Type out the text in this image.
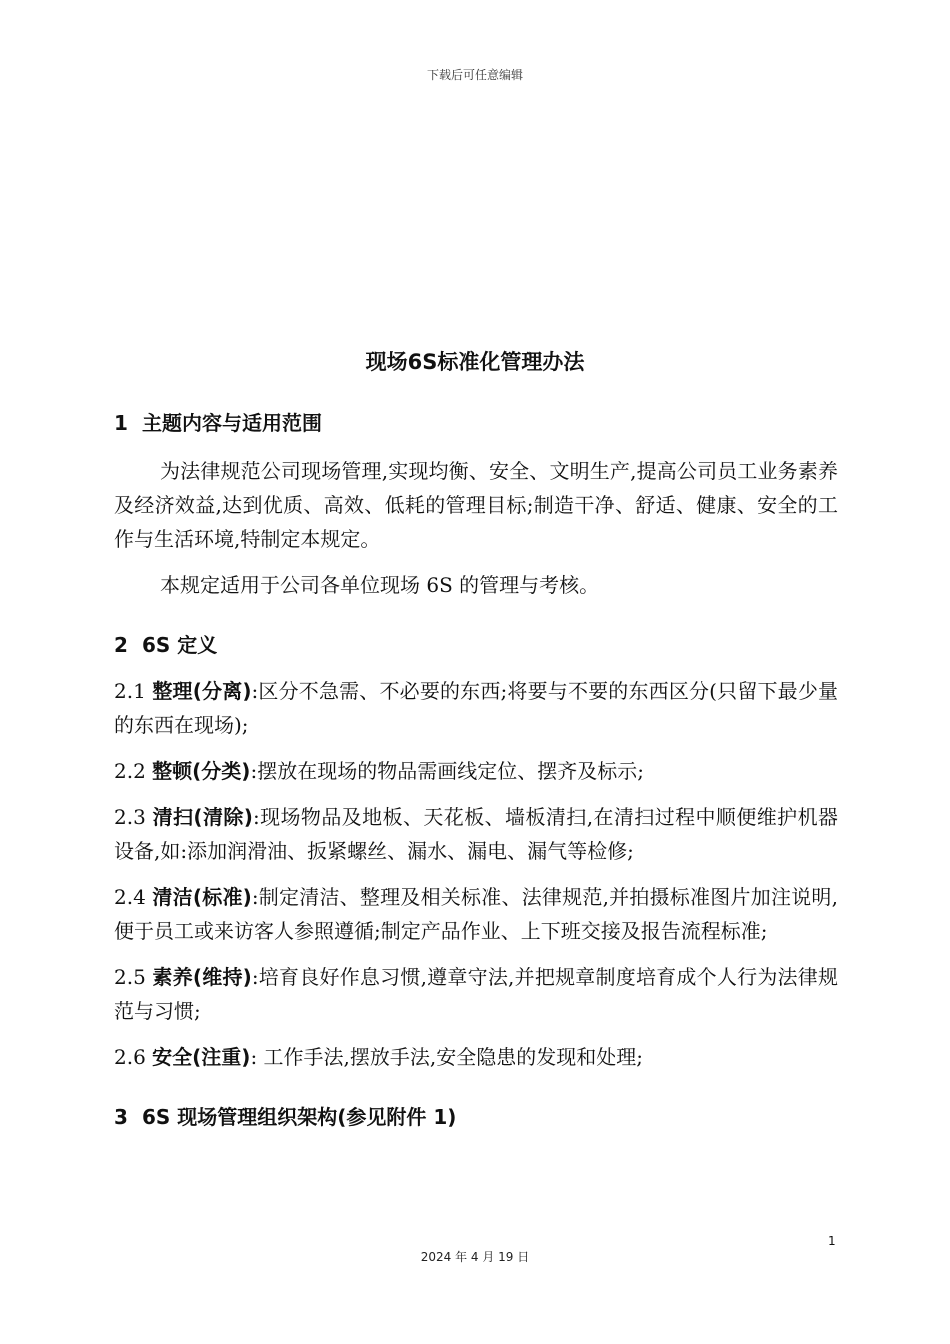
下载后可任意编辑
现场6S标准化管理办法

1 主题内容与适用范围

为法律规范公司现场管理,实现均衡、安全、文明生产,提高公司员工业务素养及经济效益,达到优质、高效、低耗的管理目标;制造干净、舒适、健康、安全的工作与生活环境,特制定本规定。

本规定适用于公司各单位现场 6S 的管理与考核。

2 6S 定义

2.1 整理(分离):区分不急需、不必要的东西;将要与不要的东西区分(只留下最少量的东西在现场);

2.2 整顿(分类):摆放在现场的物品需画线定位、摆齐及标示;

2.3 清扫(清除):现场物品及地板、天花板、墙板清扫,在清扫过程中顺便维护机器设备,如:添加润滑油、扳紧螺丝、漏水、漏电、漏气等检修;

2.4 清洁(标准):制定清洁、整理及相关标准、法律规范,并拍摄标准图片加注说明,便于员工或来访客人参照遵循;制定产品作业、上下班交接及报告流程标准;

2.5 素养(维持):培育良好作息习惯,遵章守法,并把规章制度培育成个人行为法律规范与习惯;

2.6 安全(注重): 工作手法,摆放手法,安全隐患的发现和处理;

3 6S 现场管理组织架构(参见附件 1)

1
2024 年 4 月 19 日
